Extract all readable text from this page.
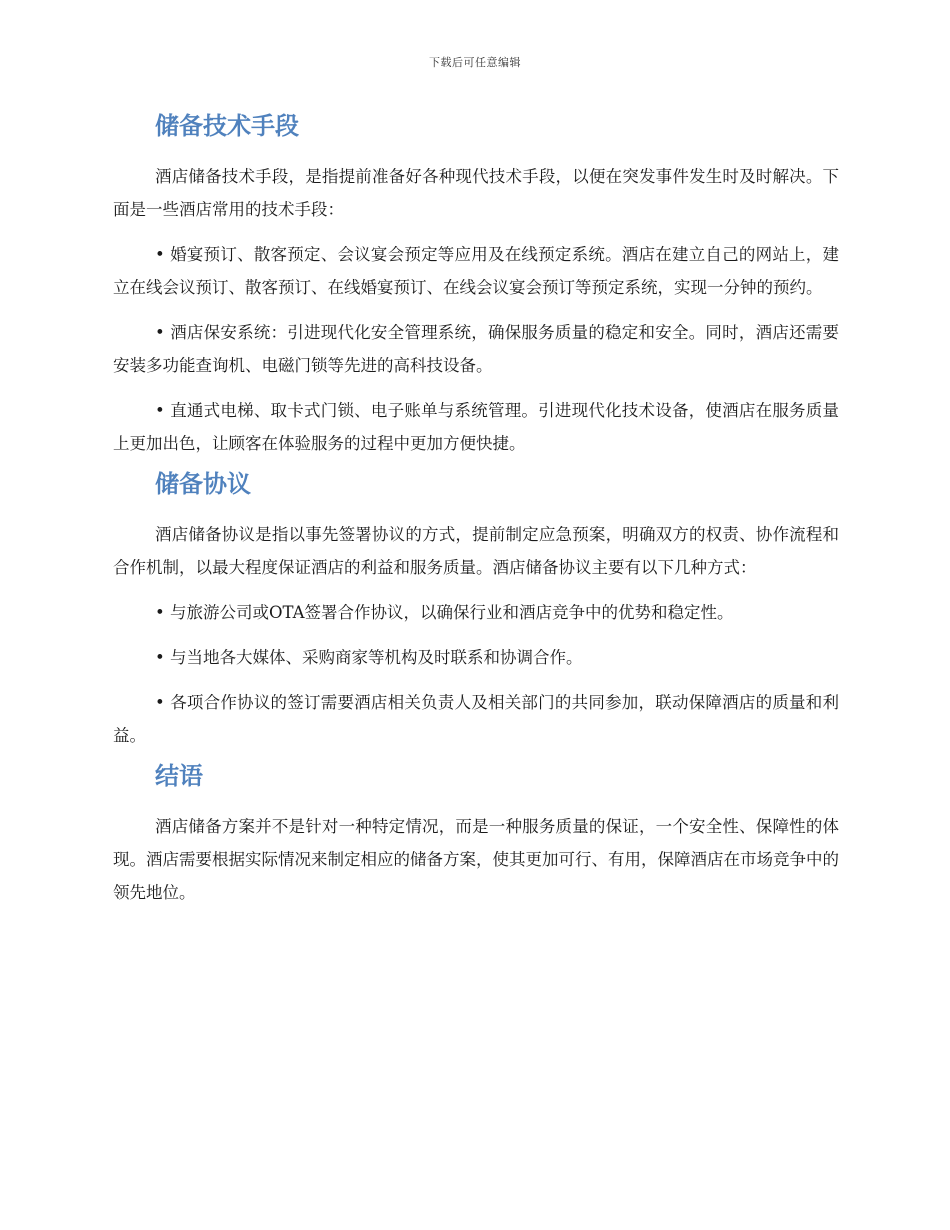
下载后可任意编辑
储备技术手段

酒店储备技术手段，是指提前准备好各种现代技术手段，以便在突发事件发生时及时解决。下面是一些酒店常用的技术手段：

• 婚宴预订、散客预定、会议宴会预定等应用及在线预定系统。酒店在建立自己的网站上，建立在线会议预订、散客预订、在线婚宴预订、在线会议宴会预订等预定系统，实现一分钟的预约。

• 酒店保安系统：引进现代化安全管理系统，确保服务质量的稳定和安全。同时，酒店还需要安装多功能查询机、电磁门锁等先进的高科技设备。

• 直通式电梯、取卡式门锁、电子账单与系统管理。引进现代化技术设备，使酒店在服务质量上更加出色，让顾客在体验服务的过程中更加方便快捷。

储备协议

酒店储备协议是指以事先签署协议的方式，提前制定应急预案，明确双方的权责、协作流程和合作机制，以最大程度保证酒店的利益和服务质量。酒店储备协议主要有以下几种方式：

• 与旅游公司或OTA签署合作协议，以确保行业和酒店竞争中的优势和稳定性。

• 与当地各大媒体、采购商家等机构及时联系和协调合作。

• 各项合作协议的签订需要酒店相关负责人及相关部门的共同参加，联动保障酒店的质量和利益。

结语

酒店储备方案并不是针对一种特定情况，而是一种服务质量的保证，一个安全性、保障性的体现。酒店需要根据实际情况来制定相应的储备方案，使其更加可行、有用，保障酒店在市场竞争中的领先地位。
